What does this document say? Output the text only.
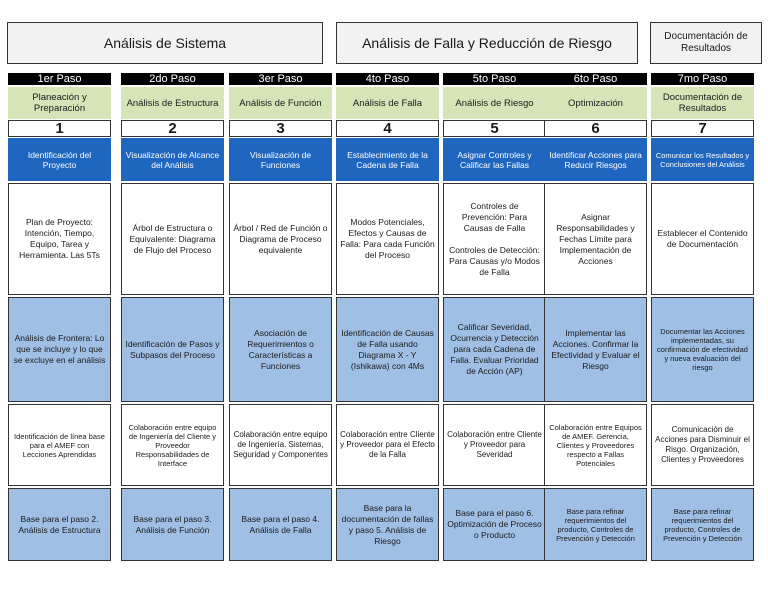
Análisis de Sistema	Análisis de Falla y Reducción de Riesgo	Documentación de Resultados
1er Paso
Planeación y Preparación
1
Identificación del Proyecto
Plan de Proyecto: Intención, Tiempo, Equipo, Tarea y Herramienta. Las 5Ts
Análisis de Frontera: Lo que se incluye y lo que se excluye en el análisis
Identificación de línea base para el AMEF con Lecciones Aprendidas
Base para el paso 2. Análisis de Estructura
2do Paso
Análisis de Estructura
2
Visualización de Alcance del Análisis
Árbol de Estructura o Equivalente: Diagrama de Flujo del Proceso
Identificación de Pasos y Subpasos del Proceso
Colaboración entre equipo de Ingeniería del Cliente y Proveedor Responsabilidades de Interface
Base para el paso 3. Análisis de Función
3er Paso
Análisis de Función
3
Visualización de Funciones
Árbol / Red de Función o Diagrama de Proceso equivalente
Asociación de Requerimientos o Características a Funciones
Colaboración entre equipo de Ingeniería. Sistemas, Seguridad y Componentes
Base para el paso 4. Análisis de Falla
4to Paso
Análisis de Falla
4
Establecimiento de la Cadena de Falla
Modos Potenciales, Efectos y Causas de Falla: Para cada Función del Proceso
Identificación de Causas de Falla usando Diagrama X - Y (Ishikawa) con 4Ms
Colaboración entre Cliente y Proveedor para el Efecto de la Falla
Base para la documentación de fallas y paso 5. Análisis de Riesgo
5to Paso
Análisis de Riesgo
5
Asignar Controles y Calificar las Fallas
Controles de Prevención: Para Causas de Falla

Controles de Detección: Para Causas y/o Modos de Falla
Calificar Severidad, Ocurrencia y Detección para cada Cadena de Falla. Evaluar Prioridad de Acción (AP)
Colaboración entre Cliente y Proveedor para Severidad
Base para el paso 6. Optimización de Proceso o Producto
6to Paso
Optimización
6
Identificar Acciones para Reducir Riesgos
Asignar Responsabilidades y Fechas Límite para Implementación de Acciones
Implementar las Acciones. Confirmar la Efectividad y Evaluar el Riesgo
Colaboración entre Equipos de AMEF. Gerencia, Clientes y Proveedores respecto a Fallas Potenciales
Base para refinar requerimientos del producto, Controles de Prevención y Detección
7mo Paso
Documentación de Resultados
7
Comunicar los Resultados y Conclusiones del Análisis
Establecer el Contenido de Documentación
Documentar las Acciones implementadas, su confirmación de efectividad y nueva evaluación del riesgo
Comunicación de Acciones para Disminuir el Risgo. Organización, Clientes y Proveedores
Base para refinar requerimientos del producto, Controles de Prevención y Detección
